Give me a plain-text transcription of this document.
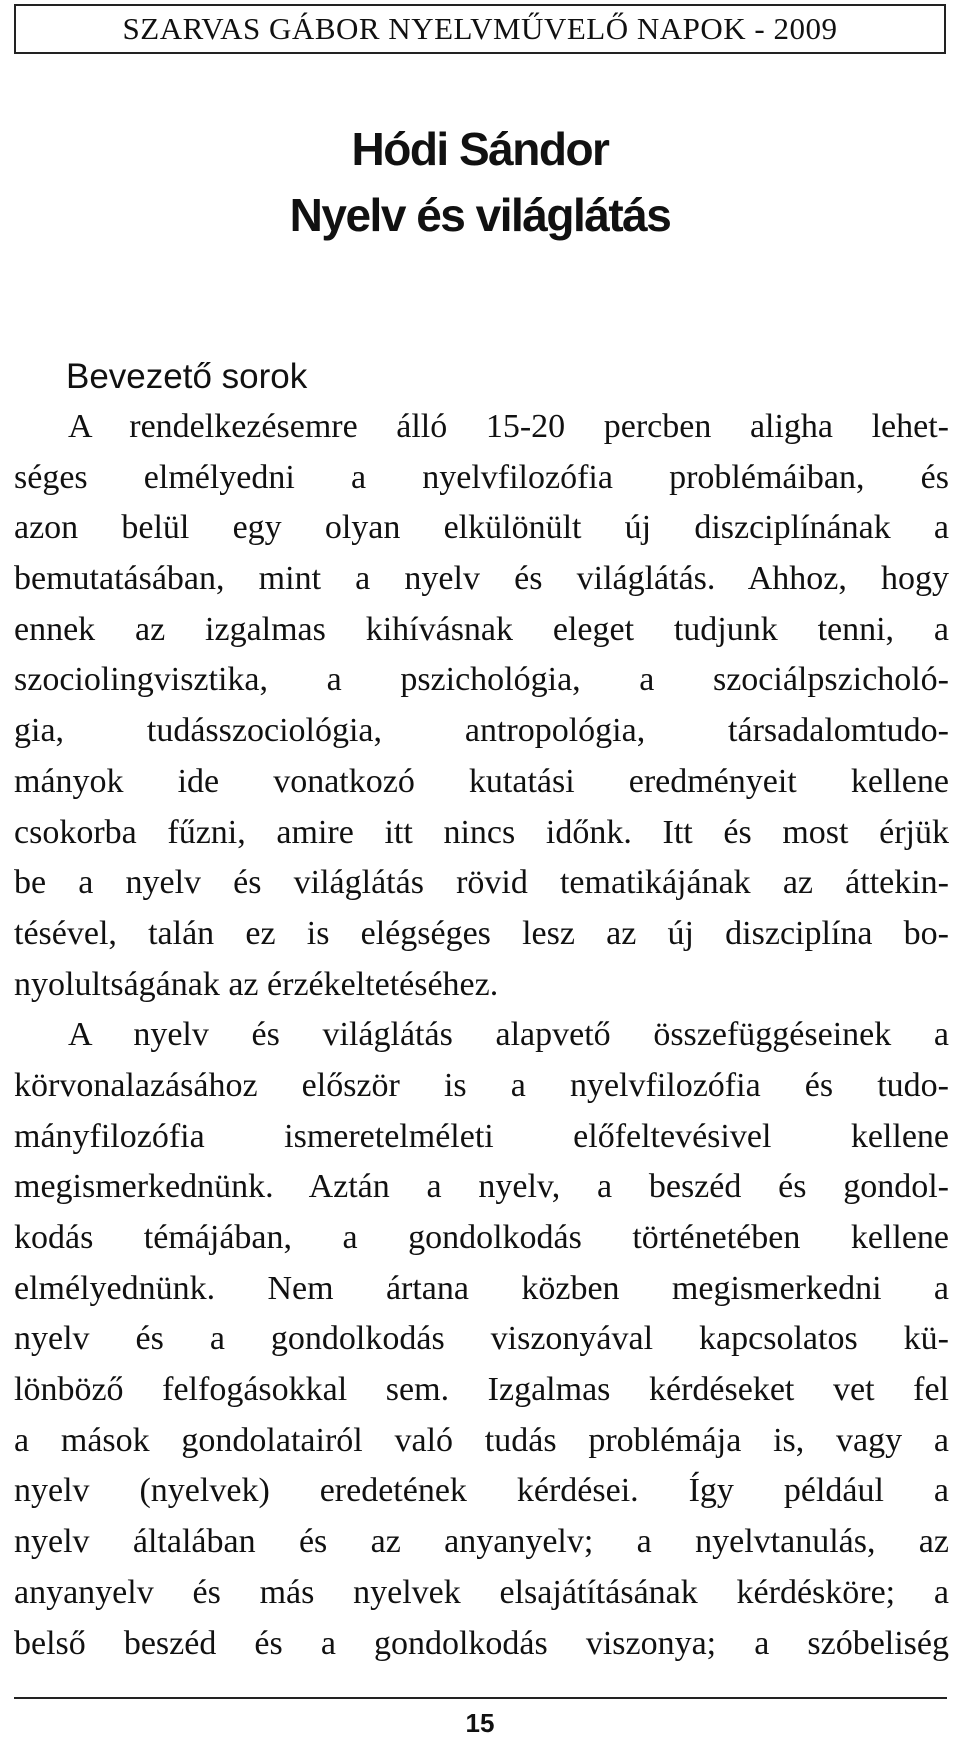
SZARVAS GÁBOR NYELVMŰVELŐ NAPOK - 2009
Hódi Sándor
Nyelv és világlátás
Bevezető sorok
A rendelkezésemre álló 15-20 percben aligha lehet-
séges elmélyedni a nyelvfilozófia problémáiban, és
azon belül egy olyan elkülönült új diszciplínának a
bemutatásában, mint a nyelv és világlátás. Ahhoz, hogy
ennek az izgalmas kihívásnak eleget tudjunk tenni, a
szociolingvisztika, a pszichológia, a szociálpszicholó-
gia, tudásszociológia, antropológia, társadalomtudo-
mányok ide vonatkozó kutatási eredményeit kellene
csokorba fűzni, amire itt nincs időnk. Itt és most érjük
be a nyelv és világlátás rövid tematikájának az áttekin-
tésével, talán ez is elégséges lesz az új diszciplína bo-
nyolultságának az érzékeltetéséhez.
A nyelv és világlátás alapvető összefüggéseinek a
körvonalazásához először is a nyelvfilozófia és tudo-
mányfilozófia ismeretelméleti előfeltevésivel kellene
megismerkednünk. Aztán a nyelv, a beszéd és gondol-
kodás témájában, a gondolkodás történetében kellene
elmélyednünk. Nem ártana közben megismerkedni a
nyelv és a gondolkodás viszonyával kapcsolatos kü-
lönböző felfogásokkal sem. Izgalmas kérdéseket vet fel
a mások gondolatairól való tudás problémája is, vagy a
nyelv (nyelvek) eredetének kérdései. Így például a
nyelv általában és az anyanyelv; a nyelvtanulás, az
anyanyelv és más nyelvek elsajátításának kérdésköre; a
belső beszéd és a gondolkodás viszonya; a szóbeliség
15
